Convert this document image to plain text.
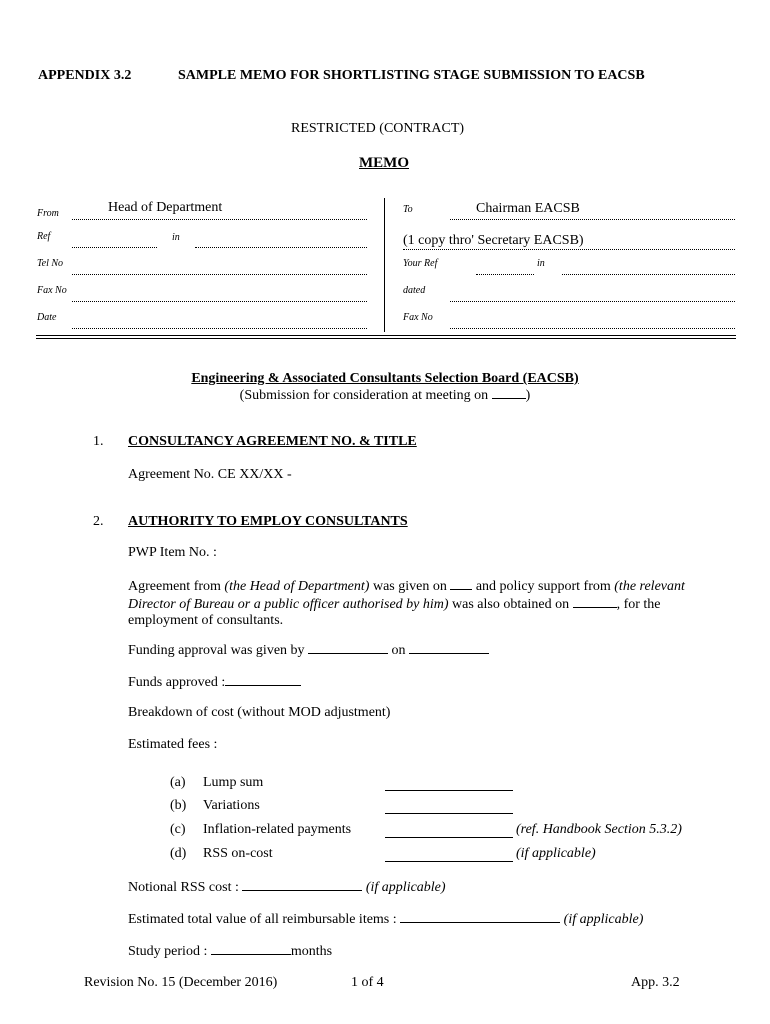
APPENDIX 3.2	SAMPLE MEMO FOR SHORTLISTING STAGE SUBMISSION TO EACSB
RESTRICTED (CONTRACT)
MEMO
From	Head of Department
Ref	in
Tel No
Fax No
Date
To	Chairman EACSB
(1 copy thro' Secretary EACSB)
Your Ref	in
dated
Fax No
Engineering & Associated Consultants Selection Board (EACSB)
(Submission for consideration at meeting on	)
1. CONSULTANCY AGREEMENT NO. & TITLE
Agreement No. CE XX/XX -
2. AUTHORITY TO EMPLOY CONSULTANTS
PWP Item No. :
Agreement from (the Head of Department) was given on and policy support from (the relevant Director of Bureau or a public officer authorised by him) was also obtained on	, for the employment of consultants.
Funding approval was given by	on
Funds approved :
Breakdown of cost (without MOD adjustment)
Estimated fees :
(a) Lump sum
(b) Variations
(c) Inflation-related payments	(ref. Handbook Section 5.3.2)
(d) RSS on-cost	(if applicable)
Notional RSS cost :	(if applicable)
Estimated total value of all reimbursable items :	(if applicable)
Study period :	months
Revision No. 15 (December 2016)	1 of 4	App. 3.2
